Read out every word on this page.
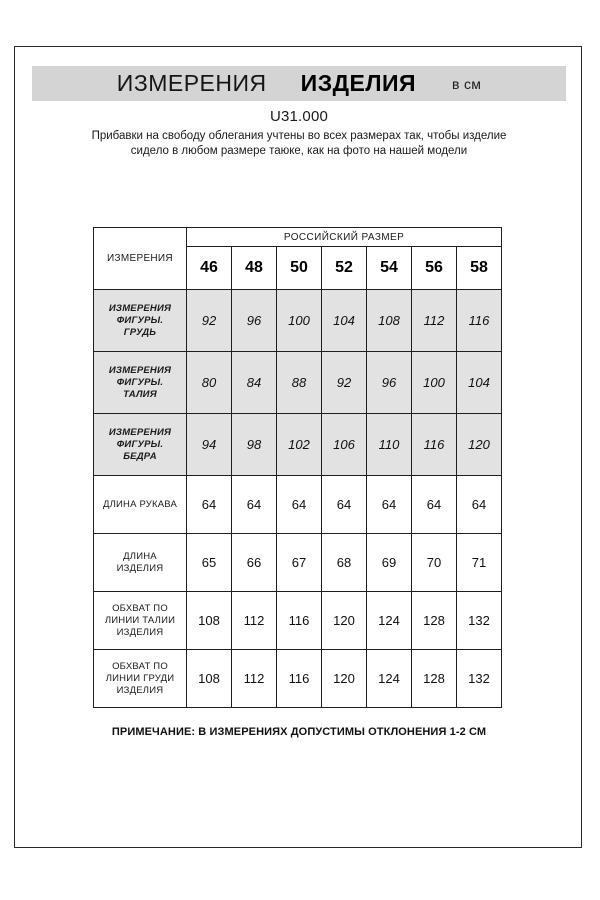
ИЗМЕРЕНИЯ ИЗДЕЛИЯ	в см
U31.000
Прибавки на свободу облегания учтены во всех размерах так, чтобы изделие сидело в любом размере таюке, как на фото на нашей модели
ИЗМЕРЕНИЯ	РОССИЙСКИЙ РАЗМЕР						
	46	48	50	52	54	56	58
ИЗМЕРЕНИЯ ФИГУРЫ. ГРУДЬ	92	96	100	104	108	112	116
ИЗМЕРЕНИЯ ФИГУРЫ. ТАЛИЯ	80	84	88	92	96	100	104
ИЗМЕРЕНИЯ ФИГУРЫ. БЕДРА	94	98	102	106	110	116	120
ДЛИНА РУКАВА	64	64	64	64	64	64	64
ДЛИНА ИЗДЕЛИЯ	65	66	67	68	69	70	71
ОБХВАТ ПО ЛИНИИ ТАЛИИ ИЗДЕЛИЯ	108	112	116	120	124	128	132
ОБХВАТ ПО ЛИНИИ ГРУДИ ИЗДЕЛИЯ	108	112	116	120	124	128	132
ПРИМЕЧАНИЕ: В ИЗМЕРЕНИЯХ ДОПУСТИМЫ ОТКЛОНЕНИЯ 1-2 СМ
